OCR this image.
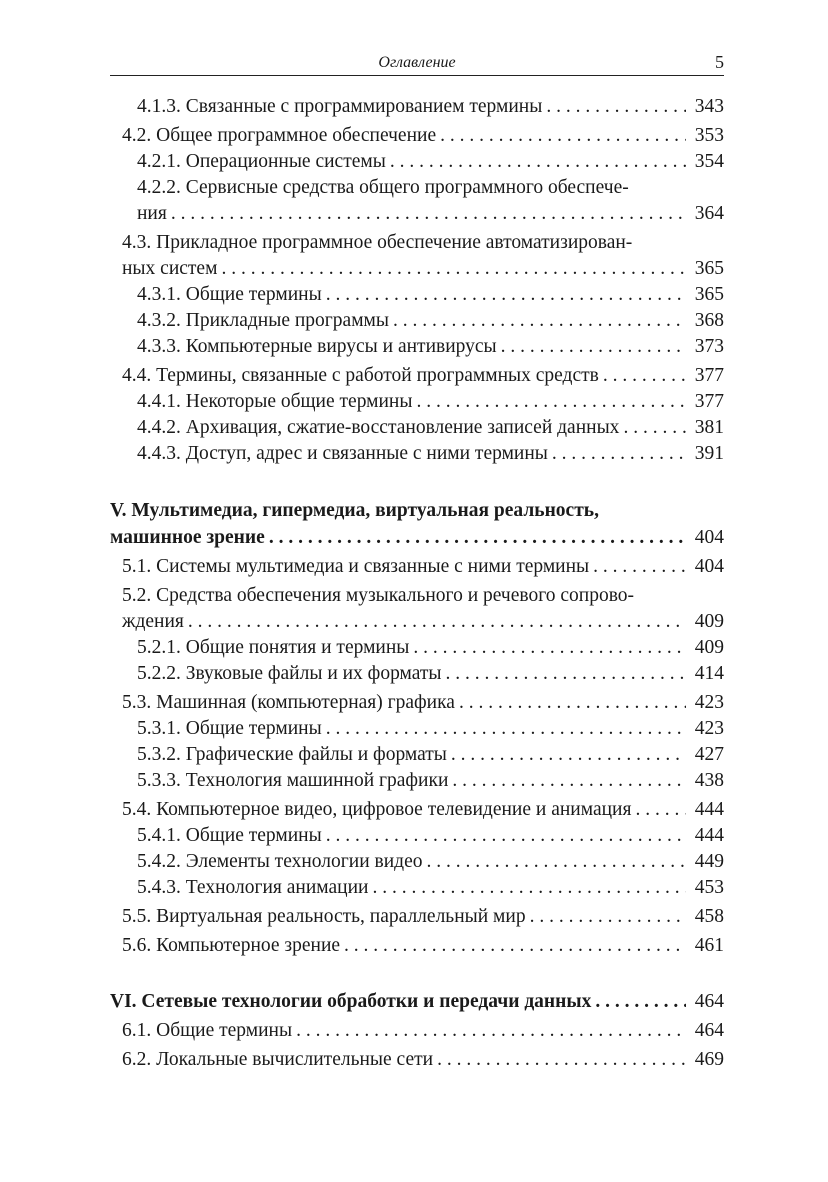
Оглавление	5
4.1.3. Связанные с программированием термины . . .	343
4.2. Общее программное обеспечение . . .	353
4.2.1. Операционные системы . . .	354
4.2.2. Сервисные средства общего программного обеспече-
ния . . .	364
4.3. Прикладное программное обеспечение автоматизирован-
ных систем . . .	365
4.3.1. Общие термины . . .	365
4.3.2. Прикладные программы . . .	368
4.3.3. Компьютерные вирусы и антивирусы . . .	373
4.4. Термины, связанные с работой программных средств . . .	377
4.4.1. Некоторые общие термины . . .	377
4.4.2. Архивация, сжатие-восстановление записей данных . . .	381
4.4.3. Доступ, адрес и связанные с ними термины . . .	391
V. Мультимедиа, гипермедиа, виртуальная реальность,
машинное зрение . . .	404
5.1. Системы мультимедиа и связанные с ними термины . . .	404
5.2. Средства обеспечения музыкального и речевого сопрово-
ждения . . .	409
5.2.1. Общие понятия и термины . . .	409
5.2.2. Звуковые файлы и их форматы . . .	414
5.3. Машинная (компьютерная) графика . . .	423
5.3.1. Общие термины . . .	423
5.3.2. Графические файлы и форматы . . .	427
5.3.3. Технология машинной графики . . .	438
5.4. Компьютерное видео, цифровое телевидение и анимация . . .	444
5.4.1. Общие термины . . .	444
5.4.2. Элементы технологии видео . . .	449
5.4.3. Технология анимации . . .	453
5.5. Виртуальная реальность, параллельный мир . . .	458
5.6. Компьютерное зрение . . .	461
VI. Сетевые технологии обработки и передачи данных . . .	464
6.1. Общие термины . . .	464
6.2. Локальные вычислительные сети . . .	469
